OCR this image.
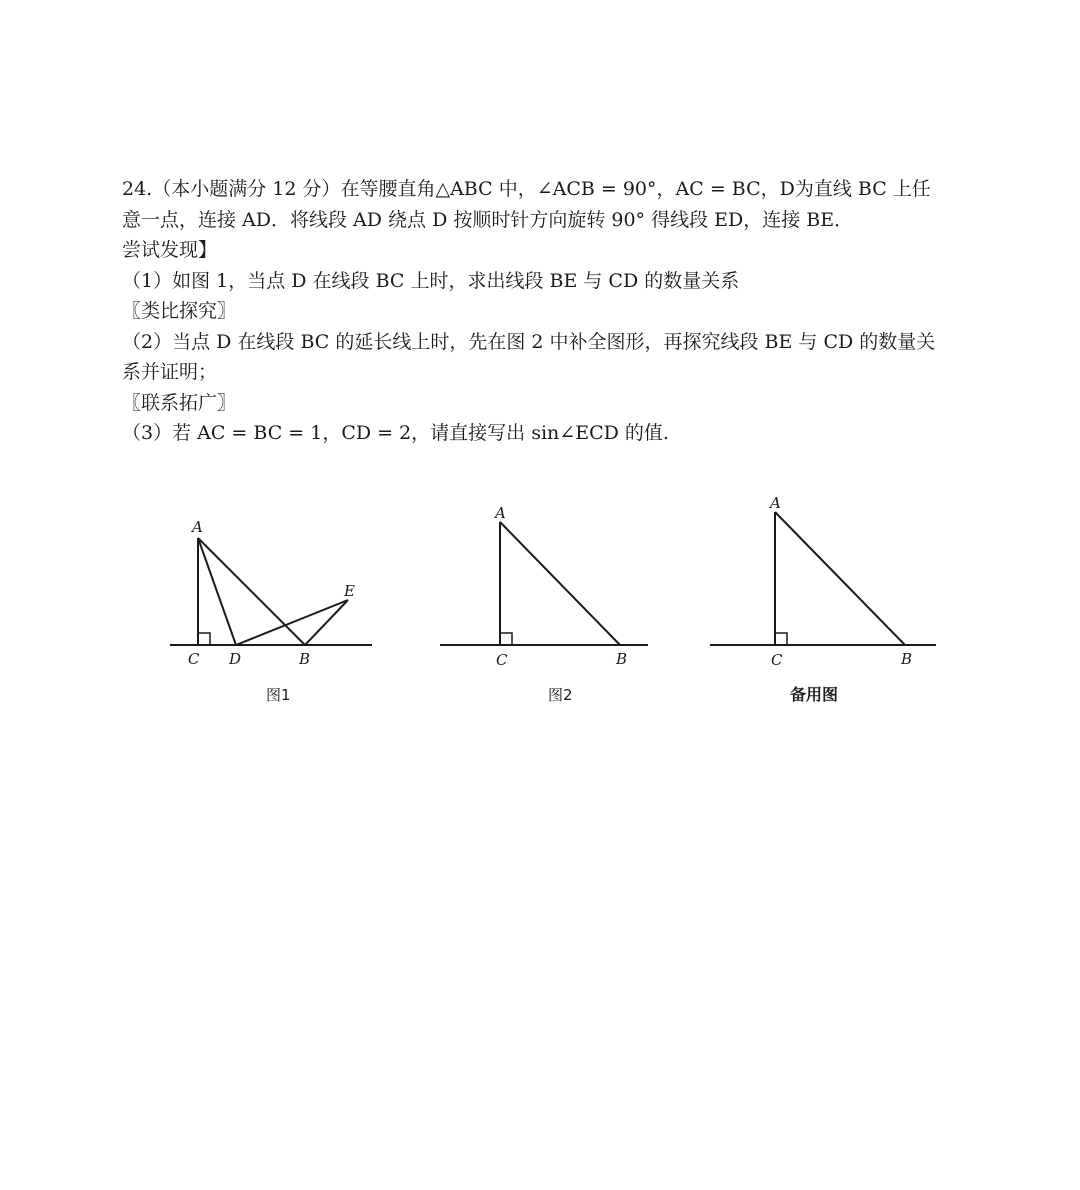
24.（本小题满分 12 分）在等腰直角△ABC 中，∠ACB = 90°，AC = BC，D为直线 BC 上任
意一点，连接 AD．将线段 AD 绕点 D 按顺时针方向旋转 90° 得线段 ED，连接 BE．
尝试发现】
（1）如图 1，当点 D 在线段 BC 上时，求出线段 BE 与 CD 的数量关系
〖类比探究〗
（2）当点 D 在线段 BC 的延长线上时，先在图 2 中补全图形，再探究线段 BE 与 CD 的数量关
系并证明；
〖联系拓广〗
（3）若 AC = BC = 1，CD = 2，请直接写出 sin∠ECD 的值.
A
C D	B
E
图1
A
C	B
图2
A
C	B
备用图
